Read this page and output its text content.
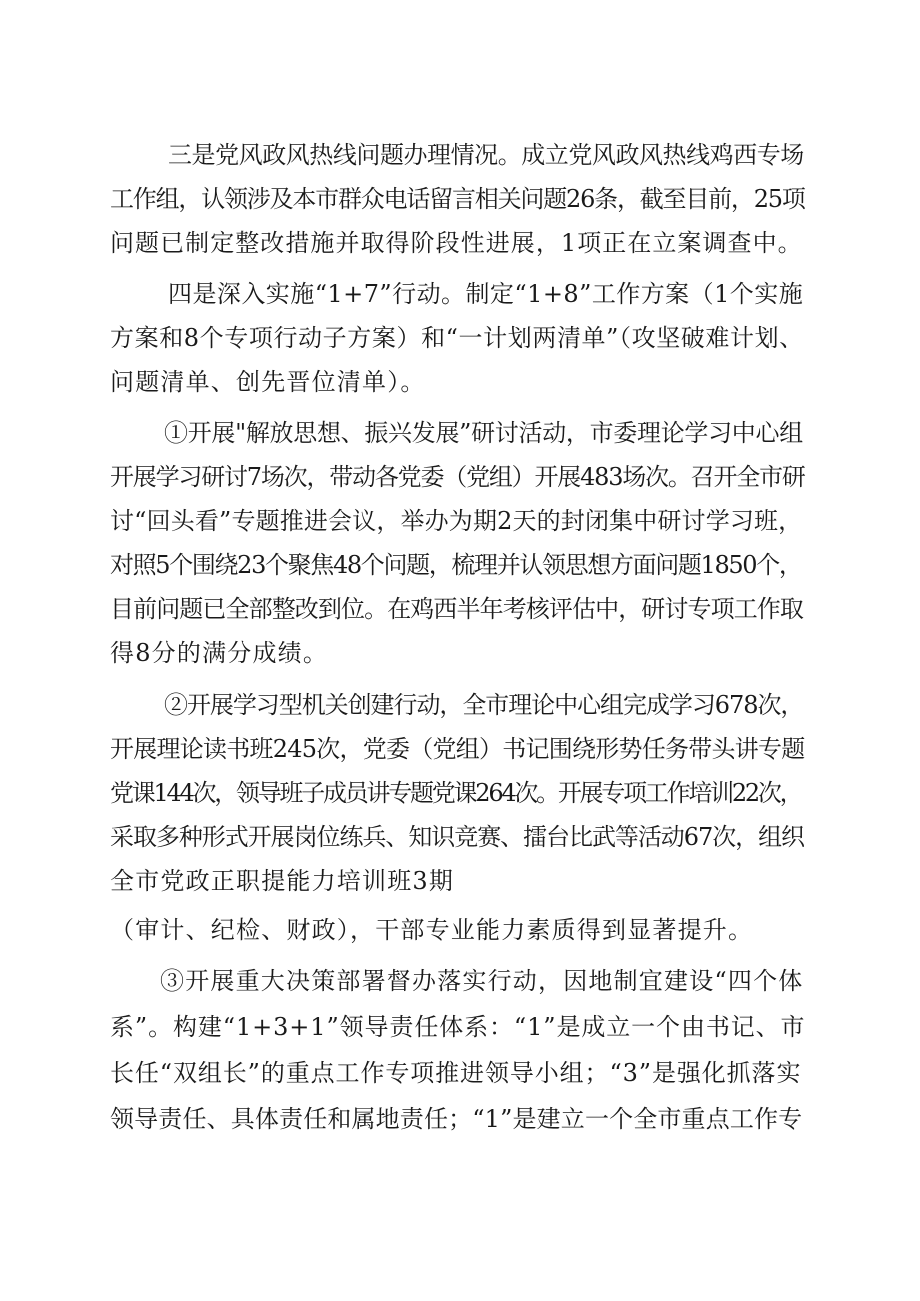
三是党风政风热线问题办理情况。成立党风政风热线鸡西专场
工作组，认领涉及本市群众电话留言相关问题26条，截至目前，25项
问题已制定整改措施并取得阶段性进展，1项正在立案调查中。
四是深入实施“1+7”行动。制定“1+8”工作方案（1个实施
方案和8个专项行动子方案）和“一计划两清单”（攻坚破难计划、
问题清单、创先晋位清单）。
①开展"解放思想、振兴发展”研讨活动，市委理论学习中心组
开展学习研讨7场次，带动各党委（党组）开展483场次。召开全市研
讨“回头看”专题推进会议，举办为期2天的封闭集中研讨学习班，
对照5个围绕23个聚焦48个问题，梳理并认领思想方面问题1850个，
目前问题已全部整改到位。在鸡西半年考核评估中，研讨专项工作取
得8分的满分成绩。
②开展学习型机关创建行动，全市理论中心组完成学习678次，
开展理论读书班245次，党委（党组）书记围绕形势任务带头讲专题
党课144次，领导班子成员讲专题党课264次。开展专项工作培训22次，
采取多种形式开展岗位练兵、知识竞赛、擂台比武等活动67次，组织
全市党政正职提能力培训班3期
（审计、纪检、财政），干部专业能力素质得到显著提升。
③开展重大决策部署督办落实行动，因地制宜建设“四个体
系”。构建“1+3+1”领导责任体系：“1”是成立一个由书记、市
长任“双组长”的重点工作专项推进领导小组；“3”是强化抓落实
领导责任、具体责任和属地责任；“1”是建立一个全市重点工作专
